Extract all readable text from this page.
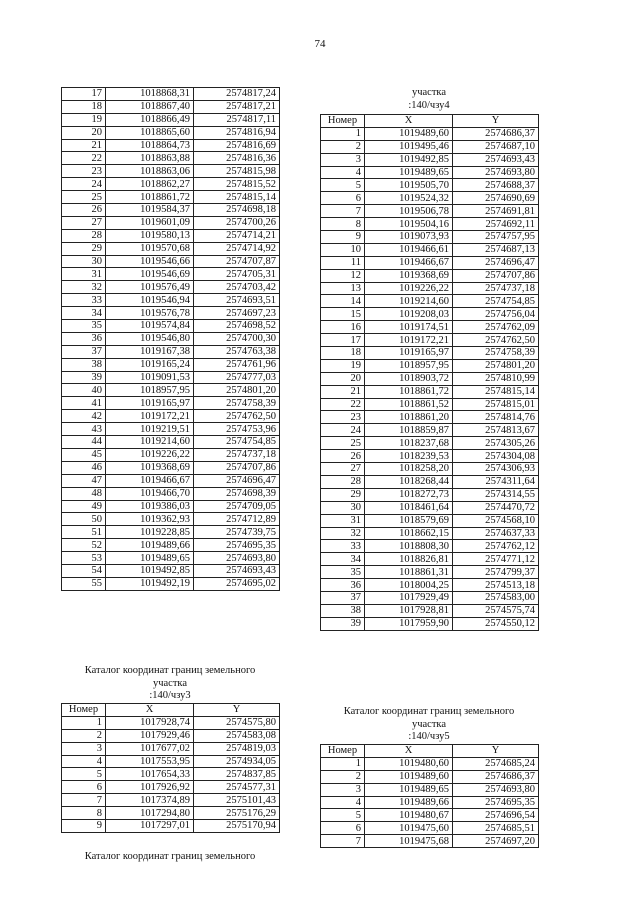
74
17	1018868,31	2574817,24
18	1018867,40	2574817,21
19	1018866,49	2574817,11
20	1018865,60	2574816,94
21	1018864,73	2574816,69
22	1018863,88	2574816,36
23	1018863,06	2574815,98
24	1018862,27	2574815,52
25	1018861,72	2574815,14
26	1019584,37	2574698,18
27	1019601,09	2574700,26
28	1019580,13	2574714,21
29	1019570,68	2574714,92
30	1019546,66	2574707,87
31	1019546,69	2574705,31
32	1019576,49	2574703,42
33	1019546,94	2574693,51
34	1019576,78	2574697,23
35	1019574,84	2574698,52
36	1019546,80	2574700,30
37	1019167,38	2574763,38
38	1019165,24	2574761,96
39	1019091,53	2574777,03
40	1018957,95	2574801,20
41	1019165,97	2574758,39
42	1019172,21	2574762,50
43	1019219,51	2574753,96
44	1019214,60	2574754,85
45	1019226,22	2574737,18
46	1019368,69	2574707,86
47	1019466,67	2574696,47
48	1019466,70	2574698,39
49	1019386,03	2574709,05
50	1019362,93	2574712,89
51	1019228,85	2574739,75
52	1019489,66	2574695,35
53	1019489,65	2574693,80
54	1019492,85	2574693,43
55	1019492,19	2574695,02
Каталог координат границ земельного
участка
:140/чзу3
Номер	X	Y
1	1017928,74	2574575,80
2	1017929,46	2574583,08
3	1017677,02	2574819,03
4	1017553,95	2574934,05
5	1017654,33	2574837,85
6	1017926,92	2574577,31
7	1017374,89	2575101,43
8	1017294,80	2575176,29
9	1017297,01	2575170,94
Каталог координат границ земельного
участка
:140/чзу4
Номер	X	Y
1	1019489,60	2574686,37
2	1019495,46	2574687,10
3	1019492,85	2574693,43
4	1019489,65	2574693,80
5	1019505,70	2574688,37
6	1019524,32	2574690,69
7	1019506,78	2574691,81
8	1019504,16	2574692,11
9	1019073,93	2574757,95
10	1019466,61	2574687,13
11	1019466,67	2574696,47
12	1019368,69	2574707,86
13	1019226,22	2574737,18
14	1019214,60	2574754,85
15	1019208,03	2574756,04
16	1019174,51	2574762,09
17	1019172,21	2574762,50
18	1019165,97	2574758,39
19	1018957,95	2574801,20
20	1018903,72	2574810,99
21	1018861,72	2574815,14
22	1018861,52	2574815,01
23	1018861,20	2574814,76
24	1018859,87	2574813,67
25	1018237,68	2574305,26
26	1018239,53	2574304,08
27	1018258,20	2574306,93
28	1018268,44	2574311,64
29	1018272,73	2574314,55
30	1018461,64	2574470,72
31	1018579,69	2574568,10
32	1018662,15	2574637,33
33	1018808,30	2574762,12
34	1018826,81	2574771,12
35	1018861,31	2574799,37
36	1018004,25	2574513,18
37	1017929,49	2574583,00
38	1017928,81	2574575,74
39	1017959,90	2574550,12
Каталог координат границ земельного
участка
:140/чзу5
Номер	X	Y
1	1019480,60	2574685,24
2	1019489,60	2574686,37
3	1019489,65	2574693,80
4	1019489,66	2574695,35
5	1019480,67	2574696,54
6	1019475,60	2574685,51
7	1019475,68	2574697,20
